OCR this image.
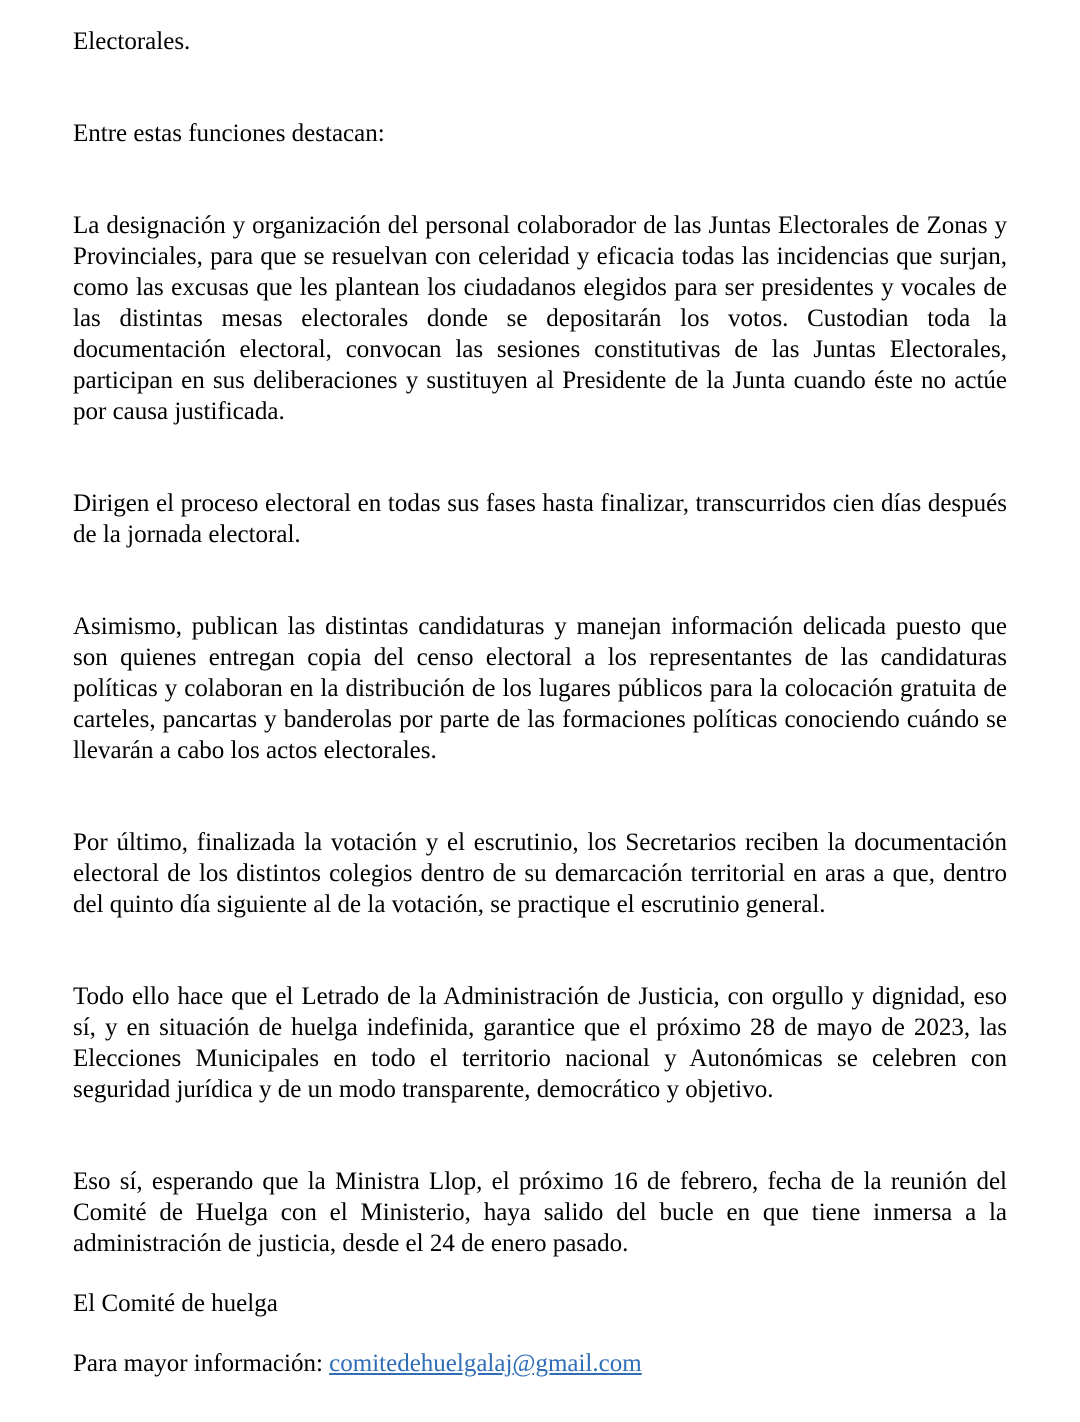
Electorales.

Entre estas funciones destacan:

La designación y organización del personal colaborador de las Juntas Electorales de Zonas y Provinciales, para que se resuelvan con celeridad y eficacia todas las incidencias que surjan, como las excusas que les plantean los ciudadanos elegidos para ser presidentes y vocales de las distintas mesas electorales donde se depositarán los votos. Custodian toda la documentación electoral, convocan las sesiones constitutivas de las Juntas Electorales, participan en sus deliberaciones y sustituyen al Presidente de la Junta cuando éste no actúe por causa justificada.

Dirigen el proceso electoral en todas sus fases hasta finalizar, transcurridos cien días después de la jornada electoral.

Asimismo, publican las distintas candidaturas y manejan información delicada puesto que son quienes entregan copia del censo electoral a los representantes de las candidaturas políticas y colaboran en la distribución de los lugares públicos para la colocación gratuita de carteles, pancartas y banderolas por parte de las formaciones políticas conociendo cuándo se llevarán a cabo los actos electorales.

Por último, finalizada la votación y el escrutinio, los Secretarios reciben la documentación electoral de los distintos colegios dentro de su demarcación territorial en aras a que, dentro del quinto día siguiente al de la votación, se practique el escrutinio general.

Todo ello hace que el Letrado de la Administración de Justicia, con orgullo y dignidad, eso sí, y en situación de huelga indefinida, garantice que el próximo 28 de mayo de 2023, las Elecciones Municipales en todo el territorio nacional y Autonómicas se celebren con seguridad jurídica y de un modo transparente, democrático y objetivo.

Eso sí, esperando que la Ministra Llop, el próximo 16 de febrero, fecha de la reunión del Comité de Huelga con el Ministerio, haya salido del bucle en que tiene inmersa a la administración de justicia, desde el 24 de enero pasado.

El Comité de huelga

Para mayor información: comitedehuelgalaj@gmail.com
